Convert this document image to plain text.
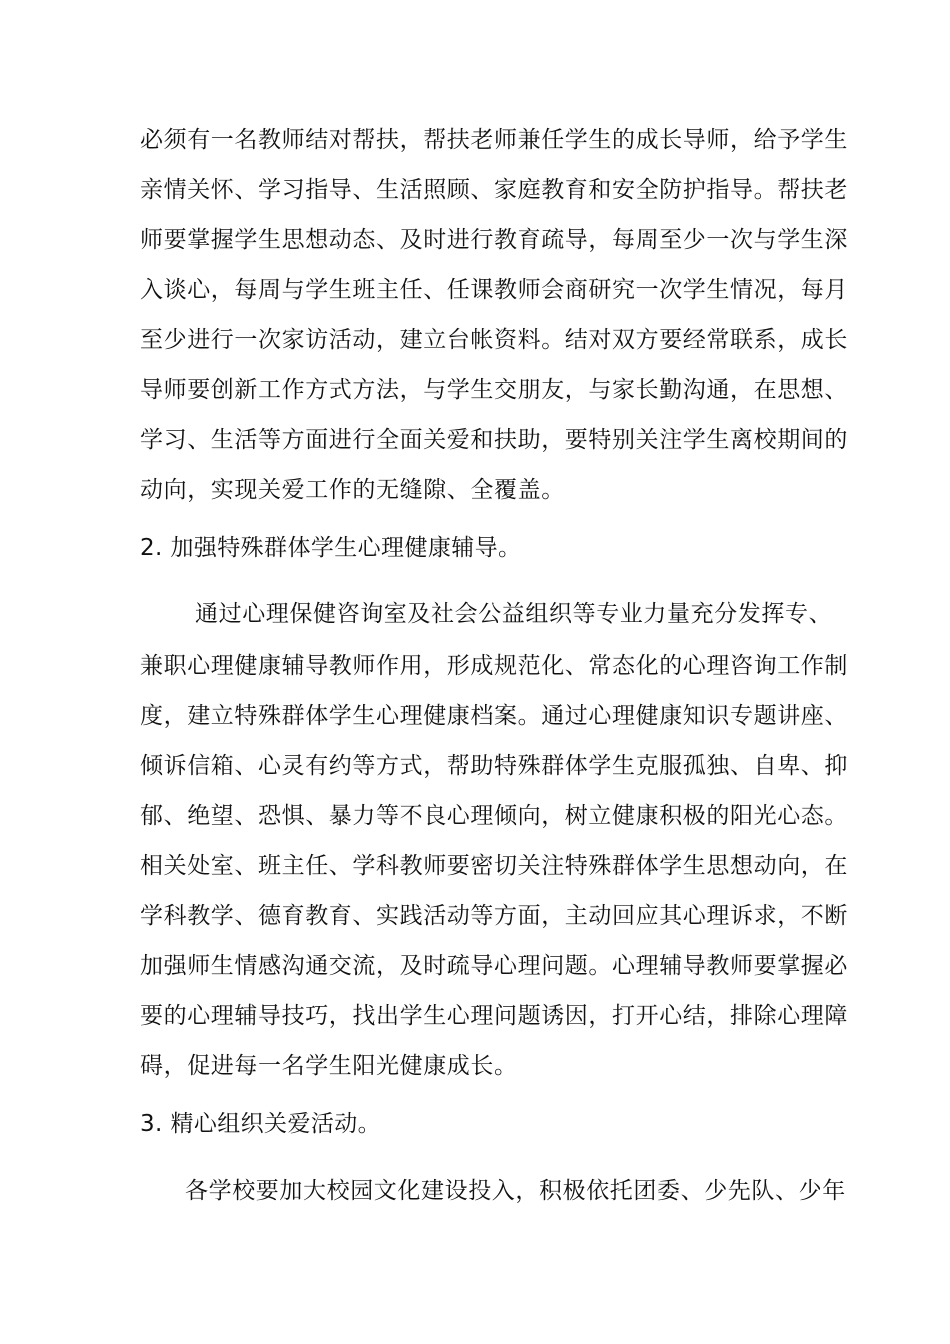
必须有一名教师结对帮扶，帮扶老师兼任学生的成长导师，给予学生
亲情关怀、学习指导、生活照顾、家庭教育和安全防护指导。帮扶老
师要掌握学生思想动态、及时进行教育疏导，每周至少一次与学生深
入谈心，每周与学生班主任、任课教师会商研究一次学生情况，每月
至少进行一次家访活动，建立台帐资料。结对双方要经常联系，成长
导师要创新工作方式方法，与学生交朋友，与家长勤沟通，在思想、
学习、生活等方面进行全面关爱和扶助，要特别关注学生离校期间的
动向，实现关爱工作的无缝隙、全覆盖。
2. 加强特殊群体学生心理健康辅导。
通过心理保健咨询室及社会公益组织等专业力量充分发挥专、
兼职心理健康辅导教师作用，形成规范化、常态化的心理咨询工作制
度，建立特殊群体学生心理健康档案。通过心理健康知识专题讲座、
倾诉信箱、心灵有约等方式，帮助特殊群体学生克服孤独、自卑、抑
郁、绝望、恐惧、暴力等不良心理倾向，树立健康积极的阳光心态。
相关处室、班主任、学科教师要密切关注特殊群体学生思想动向，在
学科教学、德育教育、实践活动等方面，主动回应其心理诉求，不断
加强师生情感沟通交流，及时疏导心理问题。心理辅导教师要掌握必
要的心理辅导技巧，找出学生心理问题诱因，打开心结，排除心理障
碍，促进每一名学生阳光健康成长。
3. 精心组织关爱活动。
各学校要加大校园文化建设投入，积极依托团委、少先队、少年
